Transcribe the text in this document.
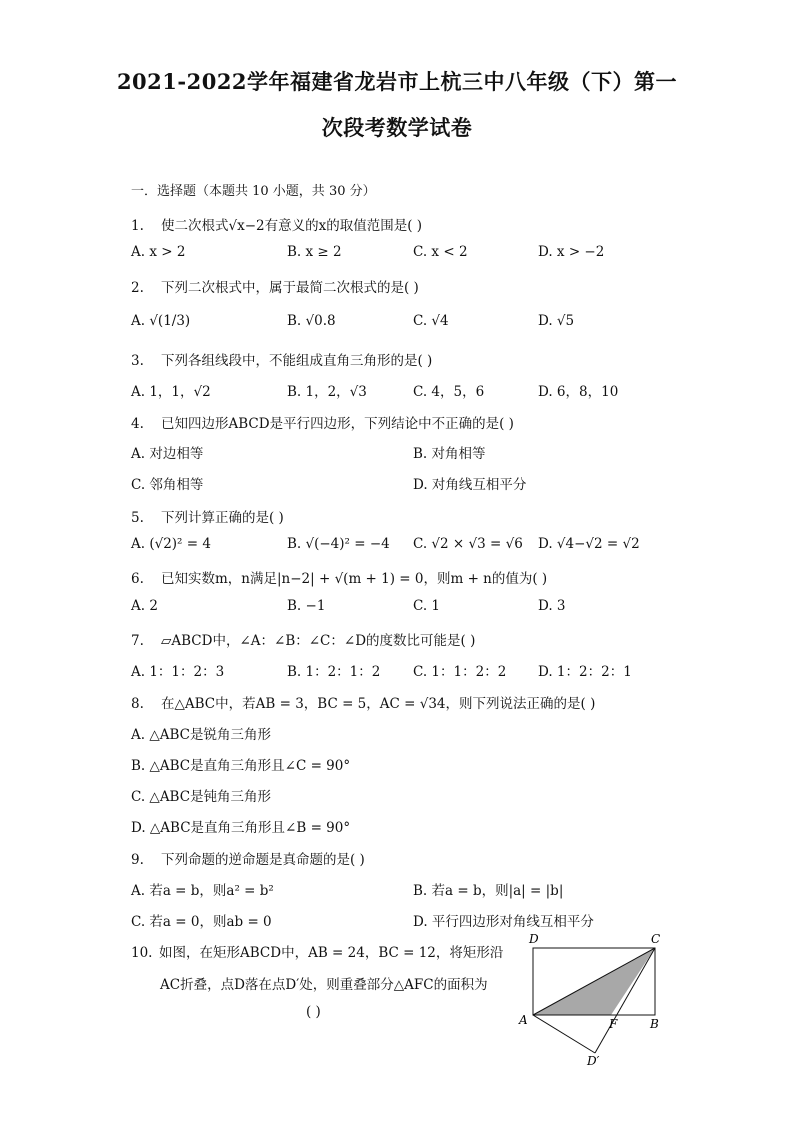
2021-2022学年福建省龙岩市上杭三中八年级（下）第一
次段考数学试卷
一．选择题（本题共 10 小题，共 30 分）
1. 使二次根式√x−2有意义的x的取值范围是( )
A. x > 2	B. x ≥ 2	C. x < 2	D. x > −2
2. 下列二次根式中，属于最简二次根式的是( )
A. √(1/3)	B. √0.8	C. √4	D. √5
3. 下列各组线段中，不能组成直角三角形的是( )
A. 1，1，√2	B. 1，2，√3	C. 4，5，6	D. 6，8，10
4. 已知四边形ABCD是平行四边形，下列结论中不正确的是( )
A. 对边相等	B. 对角相等
C. 邻角相等	D. 对角线互相平分
5. 下列计算正确的是( )
A. (√2)² = 4	B. √(−4)² = −4 C. √2 × √3 = √6 D. √4−√2 = √2
6. 已知实数m，n满足|n−2| + √(m + 1) = 0，则m + n的值为( )
A. 2	B. −1	C. 1	D. 3
7. ▱ABCD中，∠A：∠B：∠C：∠D的度数比可能是( )
A. 1：1：2：3	B. 1：2：1：2 C. 1：1：2：2 D. 1：2：2：1
8. 在△ABC中，若AB = 3，BC = 5，AC = √34，则下列说法正确的是( )
A. △ABC是锐角三角形
B. △ABC是直角三角形且∠C = 90°
C. △ABC是钝角三角形
D. △ABC是直角三角形且∠B = 90°
9. 下列命题的逆命题是真命题的是( )
A. 若a = b，则a² = b²	B. 若a = b，则|a| = |b|
C. 若a = 0，则ab = 0	D. 平行四边形对角线互相平分
10. 如图，在矩形ABCD中，AB = 24，BC = 12，将矩形沿
AC折叠，点D落在点D′处，则重叠部分△AFC的面积为
( )
D	C
A	F	B
D′
